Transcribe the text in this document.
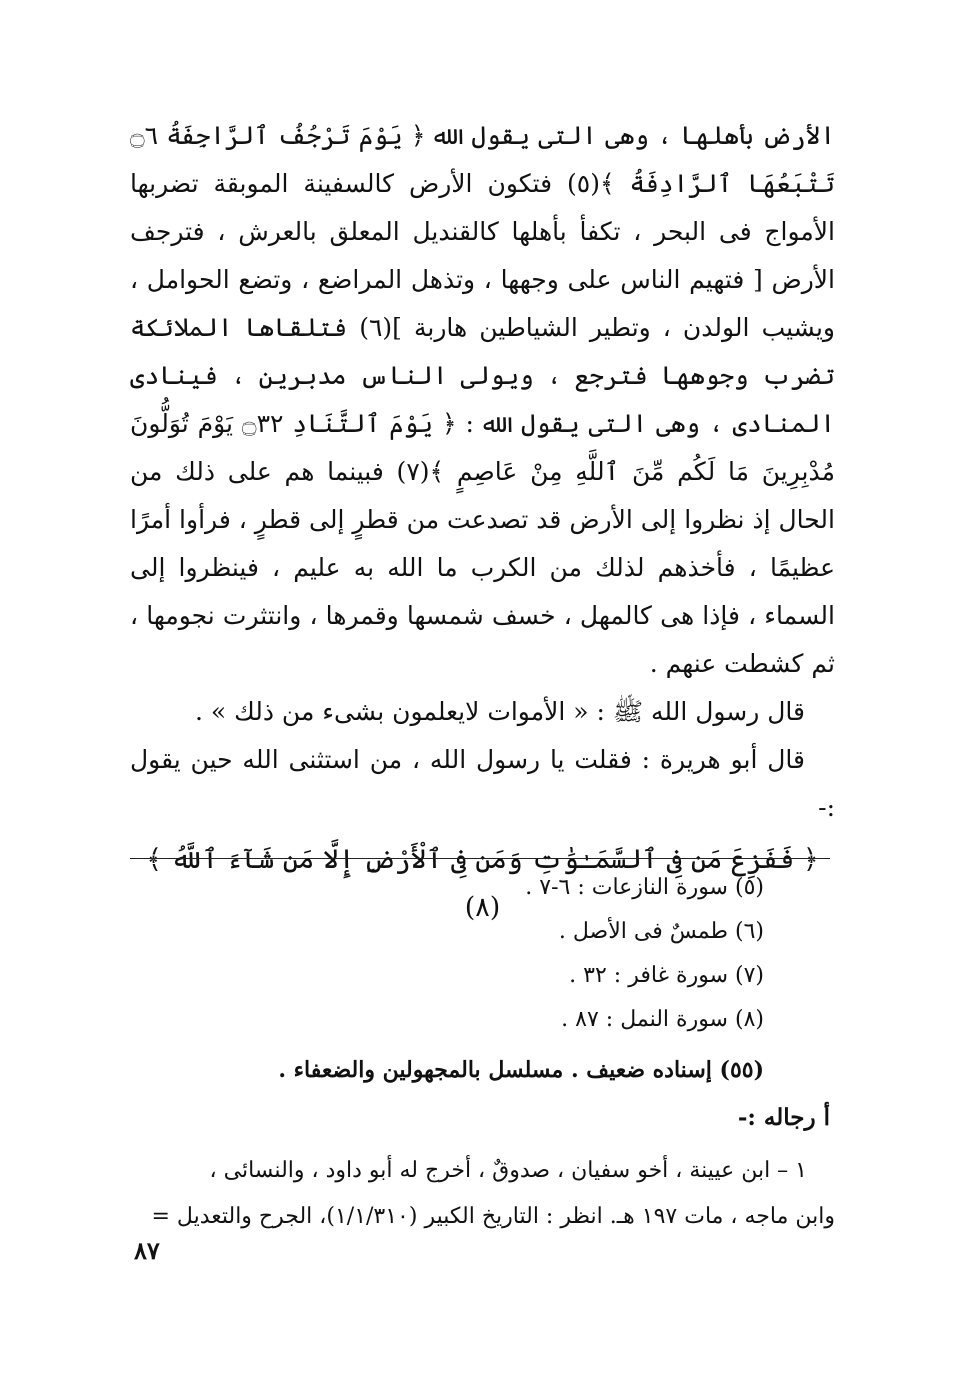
الأرض بأهلها ، وهى التى يقول الله ﴿ يَوْمَ تَرْجُفُ ٱلرَّاجِفَةُ ۝٦ تَتْبَعُهَا ٱلرَّادِفَةُ ﴾(٥) فتكون الأرض كالسفينة الموبقة تضربها الأمواج فى البحر ، تكفأ بأهلها كالقنديل المعلق بالعرش ، فترجف الأرض [ فتهيم الناس على وجهها ، وتذهل المراضع ، وتضع الحوامل ، ويشيب الولدن ، وتطير الشياطين هاربة ](٦) فتلقاها الملائكة تضرب وجوهها فترجع ، ويولى الناس مدبرين ، فينادى المنادى ، وهى التى يقول الله : ﴿ يَوْمَ ٱلتَّنَادِ ۝٣٢ يَوْمَ تُوَلُّونَ مُدْبِرِينَ مَا لَكُم مِّنَ ٱللَّهِ مِنْ عَاصِمٍ ﴾(٧) فبينما هم على ذلك من الحال إذ نظروا إلى الأرض قد تصدعت من قطرٍ إلى قطرٍ ، فرأوا أمرًا عظيمًا ، فأخذهم لذلك من الكرب ما الله به عليم ، فينظروا إلى السماء ، فإذا هى كالمهل ، خسف شمسها وقمرها ، وانتثرت نجومها ، ثم كشطت عنهم .

قال رسول الله ﷺ : « الأموات لايعلمون بشىء من ذلك » .

قال أبو هريرة : فقلت يا رسول الله ، من استثنى الله حين يقول :-

﴿ فَفَزِعَ مَن فِى ٱلسَّمَـٰوَٰتِ وَمَن فِى ٱلْأَرْضِ إِلَّا مَن شَآءَ ٱللَّهُ ﴾(٨)

(٥) سورة النازعات : ٦-٧ .
(٦) طمسٌ فى الأصل .
(٧) سورة غافر : ٣٢ .
(٨) سورة النمل : ٨٧ .
(٥٥) إسناده ضعيف . مسلسل بالمجهولين والضعفاء .
أ رجاله :-
١ – ابن عيينة ، أخو سفيان ، صدوقٌ ، أخرج له أبو داود ، والنسائى ،
وابن ماجه ، مات ١٩٧ هـ. انظر : التاريخ الكبير (١/١/٣١٠)، الجرح والتعديل =
٨٧
